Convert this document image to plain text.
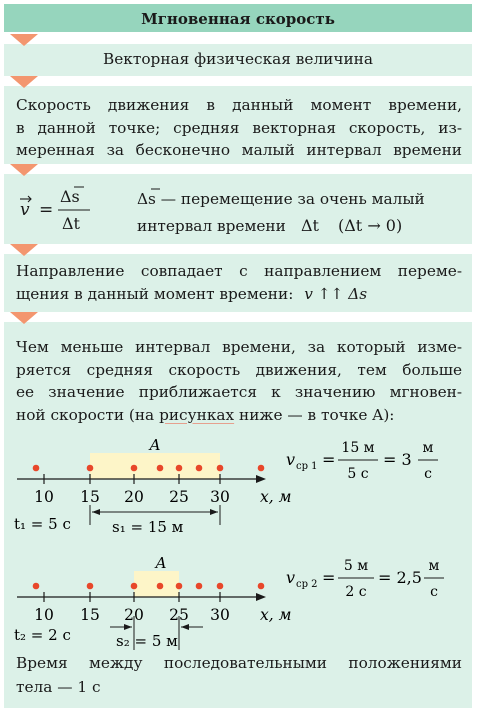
Мгновенная скорость
Векторная физическая величина
Скорость движения в данный момент времени,
в данной точке; средняя векторная скорость, из-
меренная за бесконечно малый интервал времени
v =
Δs
Δt
Δs — перемещение за очень малый
интервал времени Δt (Δt → 0)
Направление совпадает с направлением переме-
щения в данный момент времени: v ↑↑ Δs
Чем меньше интервал времени, за который изме-
ряется средняя скорость движения, тем больше
ее значение приближается к значению мгновен-
ной скорости (на рисунках ниже — в точке A):
A
10 15 20 25 30 x, м
t₁ = 5 с	s₁ = 15 м
v ср 1 =
15 м
5 с
= 3
м
с
A
10 15 20 25 30 x, м
t₂ = 2 с	s₂ = 5 м
v ср 2 =
5 м
2 с
= 2,5
м
с
Время между последовательными положениями
тела — 1 с
